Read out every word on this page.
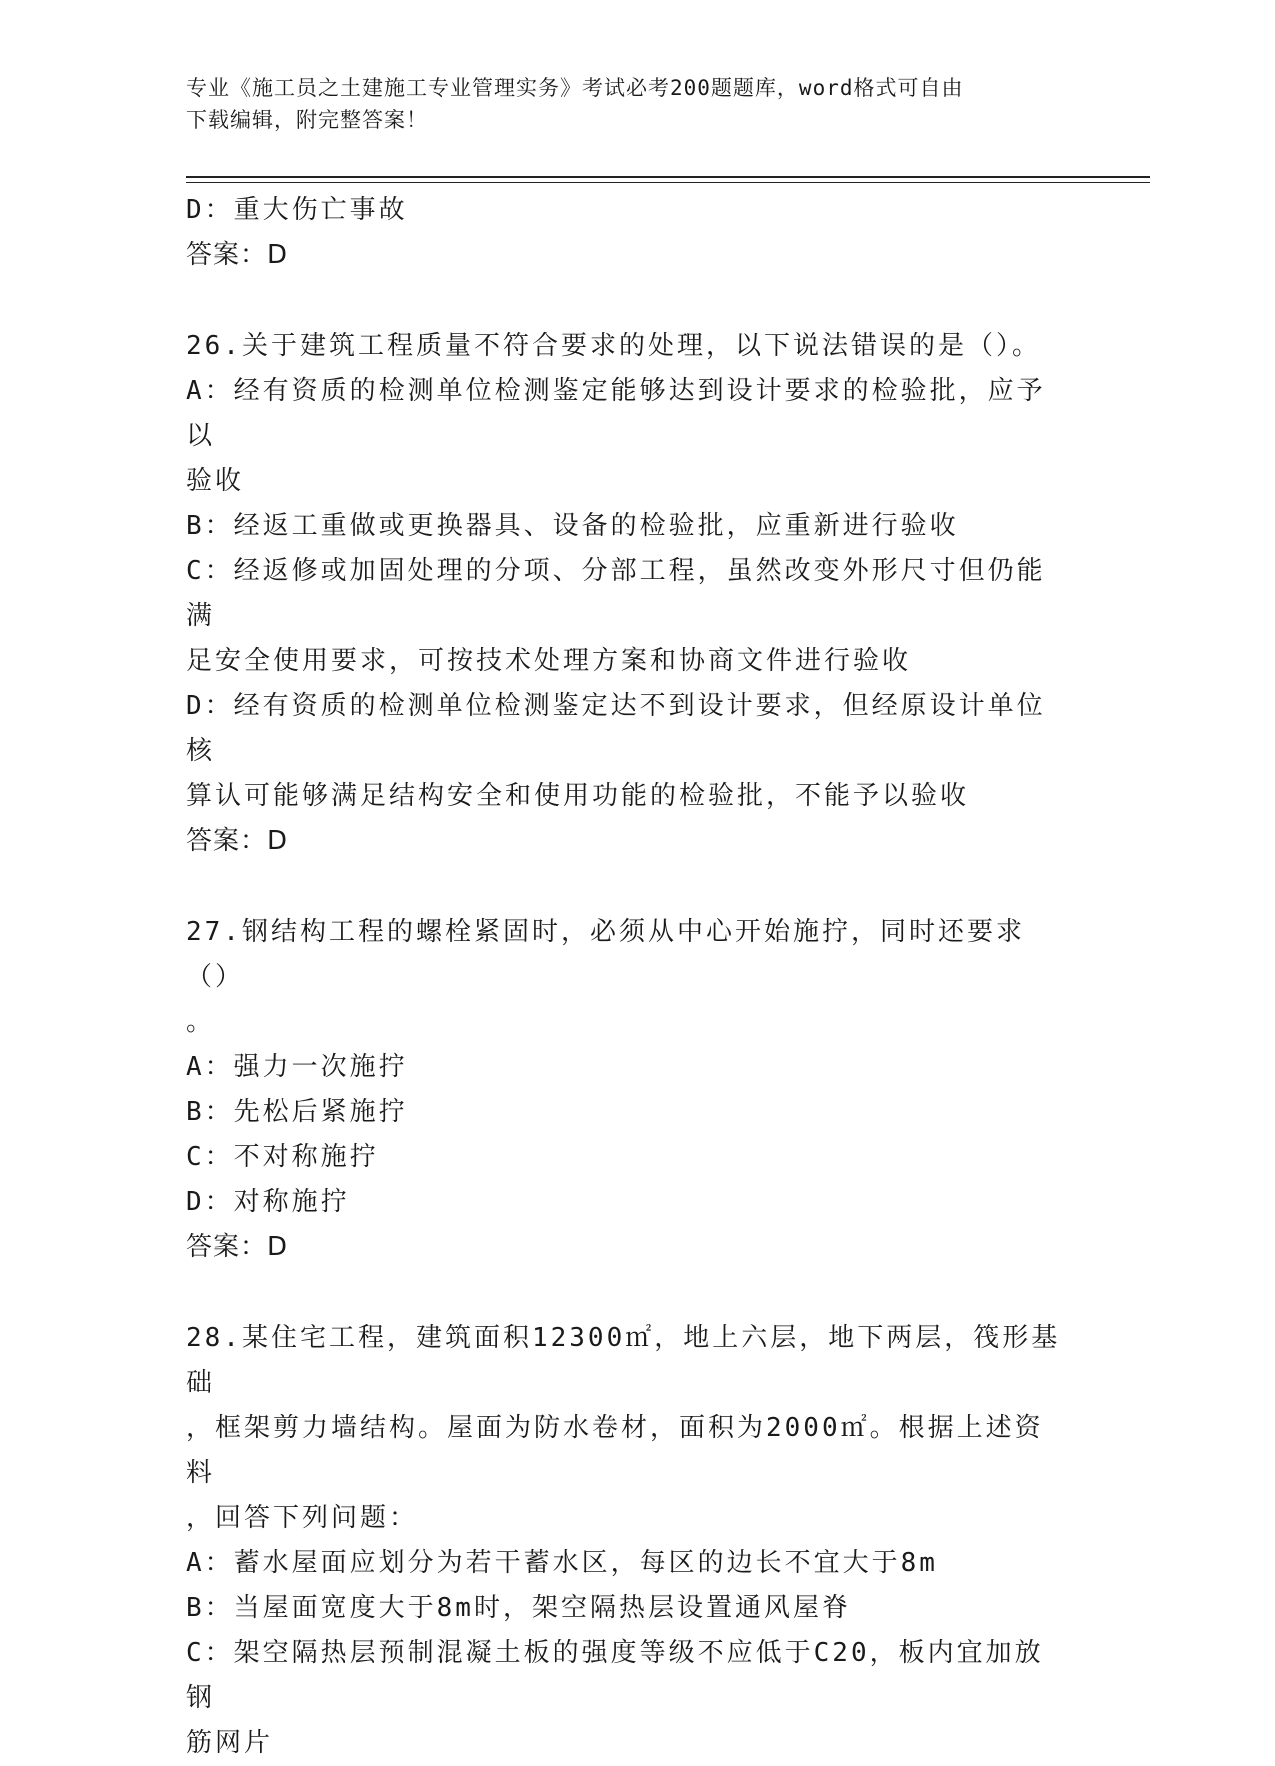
专业《施工员之土建施工专业管理实务》考试必考200题题库，word格式可自由
下载编辑，附完整答案！
D：重大伤亡事故
答案：D
26.关于建筑工程质量不符合要求的处理，以下说法错误的是（）。
A：经有资质的检测单位检测鉴定能够达到设计要求的检验批，应予以
验收
B：经返工重做或更换器具、设备的检验批，应重新进行验收
C：经返修或加固处理的分项、分部工程，虽然改变外形尺寸但仍能满
足安全使用要求，可按技术处理方案和协商文件进行验收
D：经有资质的检测单位检测鉴定达不到设计要求，但经原设计单位核
算认可能够满足结构安全和使用功能的检验批，不能予以验收
答案：D
27.钢结构工程的螺栓紧固时，必须从中心开始施拧，同时还要求（）
。
A：强力一次施拧
B：先松后紧施拧
C：不对称施拧
D：对称施拧
答案：D
28.某住宅工程，建筑面积12300㎡，地上六层，地下两层，筏形基础
，框架剪力墙结构。屋面为防水卷材，面积为2000㎡。根据上述资料
，回答下列问题：
A：蓄水屋面应划分为若干蓄水区，每区的边长不宜大于8m
B：当屋面宽度大于8m时，架空隔热层设置通风屋脊
C：架空隔热层预制混凝土板的强度等级不应低于C20，板内宜加放钢
筋网片
